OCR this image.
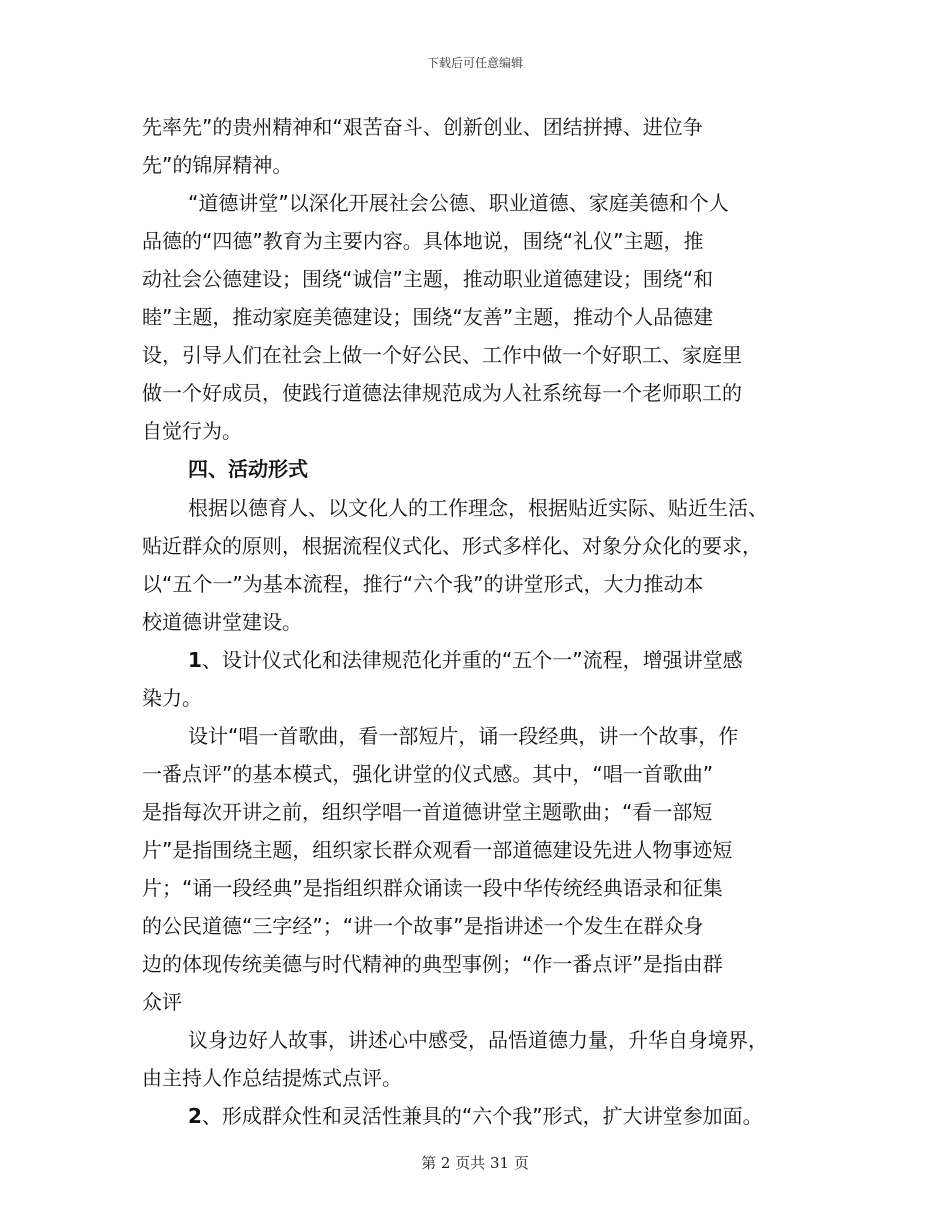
下载后可任意编辑
先率先”的贵州精神和“艰苦奋斗、创新创业、团结拼搏、进位争
先”的锦屏精神。
“道德讲堂”以深化开展社会公德、职业道德、家庭美德和个人
品德的“四德”教育为主要内容。具体地说，围绕“礼仪”主题，推
动社会公德建设；围绕“诚信”主题，推动职业道德建设；围绕“和
睦”主题，推动家庭美德建设；围绕“友善”主题，推动个人品德建
设，引导人们在社会上做一个好公民、工作中做一个好职工、家庭里
做一个好成员，使践行道德法律规范成为人社系统每一个老师职工的
自觉行为。
四、活动形式
根据以德育人、以文化人的工作理念，根据贴近实际、贴近生活、
贴近群众的原则，根据流程仪式化、形式多样化、对象分众化的要求，
以“五个一”为基本流程，推行“六个我”的讲堂形式，大力推动本
校道德讲堂建设。
1、设计仪式化和法律规范化并重的“五个一”流程，增强讲堂感
染力。
设计“唱一首歌曲，看一部短片，诵一段经典，讲一个故事，作
一番点评”的基本模式，强化讲堂的仪式感。其中，“唱一首歌曲”
是指每次开讲之前，组织学唱一首道德讲堂主题歌曲；“看一部短
片”是指围绕主题，组织家长群众观看一部道德建设先进人物事迹短
片；“诵一段经典”是指组织群众诵读一段中华传统经典语录和征集
的公民道德“三字经”；“讲一个故事”是指讲述一个发生在群众身
边的体现传统美德与时代精神的典型事例；“作一番点评”是指由群
众评
议身边好人故事，讲述心中感受，品悟道德力量，升华自身境界，
由主持人作总结提炼式点评。
2、形成群众性和灵活性兼具的“六个我”形式，扩大讲堂参加面。
第 2 页共 31 页
